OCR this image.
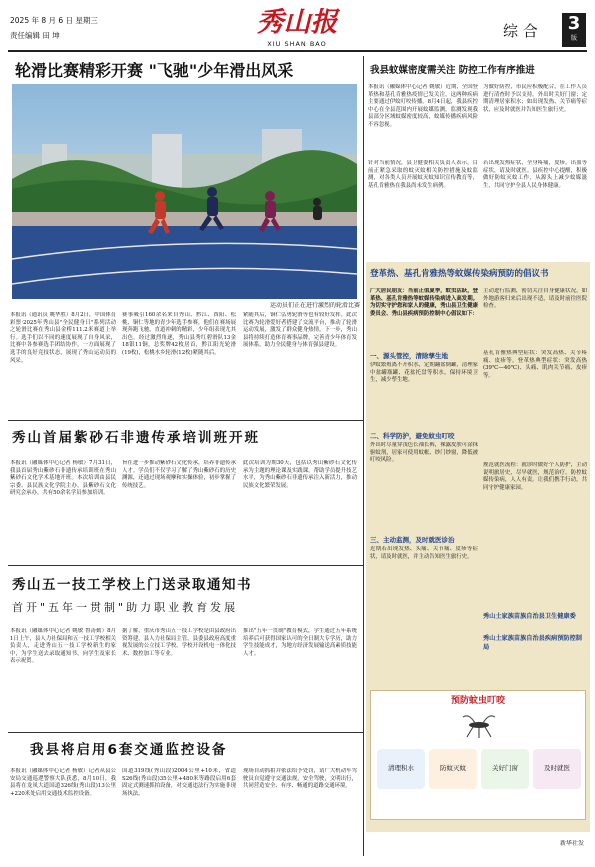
2025 年 8 月 6 日 星期三
责任编辑 田 坤	秀山报
XIU SHAN BAO
综 合	3
版
轮滑比赛精彩开赛 "飞驰"少年滑出风采
运动员们正在进行激烈的轮滑比赛
本报讯（通讯员 姚华胜）8月2日，中国体育彩票·2025年秀山县"全民健身日"系列活动之轮滑比赛在秀山县金桥111.2米赛道上举行。选手们以不同的速度展现了自身风采，比赛中各参赛选手团结协作，一方面展现了选手的良好竞技状态，展现了秀山运动员的风采。
赛事吸引160余名来自秀山、黔江、酉阳、松桃、铜仁等地的青少年选手参赛，他们在赛场展现奔跑飞驰，直道冲刺的精彩，少年组表现尤其出色。经过激烈角逐，秀山县秀红碧滑队13金18银11铜，总奖牌42枚居首，黔江阳光轮滑(19枚)，松桃水乡轮滑(12枚)紧随其后。
紧随其后，铜仁弘勇轮滑等也有较好发挥。此次比赛为轮滑爱好者搭建了交流平台，推动了轮滑运动发展，激发了群众健身热情。下一步，秀山县将持续打造体育赛事品牌，完善青少年体育发展体系，助力全民健身与体育强县建设。
我县蚊媒密度需关注 防控工作有序推进
本报讯（融媒体中心记者 姚敏）近期，全国登革热和基孔肯雅热疫情已发关注，这两种疾病主要通过伊蚊叮咬传播。8月4日起，我县疾控中心在全县范围内开展蚊媒监测，监测发现我县部分区域蚊媒密度较高，蚊媒传播疾病风险不容忽视。
针对当前情况，县卫健委相关负责人表示，目前正紧急采取的蚊灭蚊相关防控措施及蚊监测，对各类人员开展蚊灭蚊知识宣传教育等，基孔肯雅热在我县尚未发生病例。
为做好防控，市民应积极配合，在工作人员进行清查时予以支持。外出时关好门窗；定期清理居家积水；如出现发热、关节痛等症状，应及时就医并告知医生旅行史。
若出现发热症状，全身疼痛，皮疹，出血等症状，请及时就医。县疾控中心提醒，积极做好防蚊灭蚊工作，从源头上减少蚊媒滋生，共同守护全县人民身体健康。
登革热、基孔肯雅热等蚊媒传染病预防的倡议书
广大居民朋友：当前正值夏季，蚊虫活跃，登革热、基孔肯雅热等蚊媒传染病进入高发期。为切实守护您和家人的健康，秀山县卫生健康委员会、秀山县疾病预防控制中心倡议如下：
一、源头管控，清除孳生地
伊蚊繁殖离不开积水，定期翻盆倒罐，清理家中盆罐瓶罐、花盆托盘等积水，保持环境卫生，减少孳生地。
二、科学防护，避免蚊虫叮咬
外出时尽量穿浅色长袖长裤，裸露皮肤可涂抹驱蚊剂，居家可使用蚊帐、纱门纱窗，降低被叮咬风险。
三、主动监测，及时就医诊治
近期若出现发热、头痛、关节痛、皮疹等症状，请及时就医，并主动告知医生旅行史。
主动进行监测，密切关注自身健康状况。如外地游客归来后出现不适，请及时前往医院检查。
基孔肯雅热典型症状：突发高热、关节疼痛、皮疹等。登革热典型症状：突发高热(39℃—40℃)、头痛、肌肉关节痛、皮疹等。
规范就医流程：就诊时做好个人防护，主动说明旅居史，尽早就医，规范治疗。防控蚊媒传染病，人人有责。让我们携手行动，共同守护健康家园。
秀山土家族苗族自治县卫生健康委
秀山土家族苗族自治县疾病预防控制局
预防蚊虫叮咬
清理积水	防蚊灭蚊	关好门窗	及时就医
新华社发
秀山首届紫砂石非遗传承培训班开班
本报讯（融媒体中心记者 杨敏）7月31日，我县首届秀山紫砂石非遗传承培训班在秀山紫砂石文化学术基地开班。本次培训由县民宗委、县民族文化学院主办，县紫砂石文化研究会承办，共有50余名学员参加培训。
旨在进一步推动紫砂石文化传承，培养非遗传承人才。学员们不仅学习了解了秀山紫砂石的历史渊源，还通过现场观摩和实操体验，初步掌握了传统技艺。
此次培训为期30天，包括以秀山紫砂石文化传承为主题的理论课及实践课，帮助学员提升技艺水平，为秀山紫砂石非遗传承注入新活力，推动民族文化繁荣发展。
秀山五一技工学校上门送录取通知书
首开"五年一贯制"助力职业教育发展
本报讯（融媒体中心记者 姚敏 鲁涛勤）8月1日上午，县人力社保局和五一技工学校相关负责人，走进秀山五一技工学校新生的家中，为学生送去录取通知书，向学生及家长表示祝贺。
据了解，重庆市秀山五一技工学校是由县政府出资筹建，县人力社保局主管，县委县政府高度重视发展的公立技工学校。学校开设机电一体化技术、数控加工等专业。
推出"五年一贯制"教育模式，学生通过五年系统培养后可获得国家认可的全日制大专学历，助力学生技能成才，为地方经济发展输送高素质技能人才。
我县将启用6套交通监控设备
本报讯（融媒体中心记者 杨敏）记者从县公安局交通巡逻警察大队获悉，8月10日，我县将在龙凤大道国道326线(秀山段)13公里+220米处启用交通技术监控设备。
国道319线(秀山段)2004公里+10米，省道S26线(秀山段)35公里+480米等路段启用6套固定式测速抓拍设备，对交通违法行为实施非现场执法。
现场自动抓拍并依法给予处罚，请广大机动车驾驶员自觉遵守交通法规，安全驾驶，文明出行，共同营造安全、有序、畅通的道路交通环境。
